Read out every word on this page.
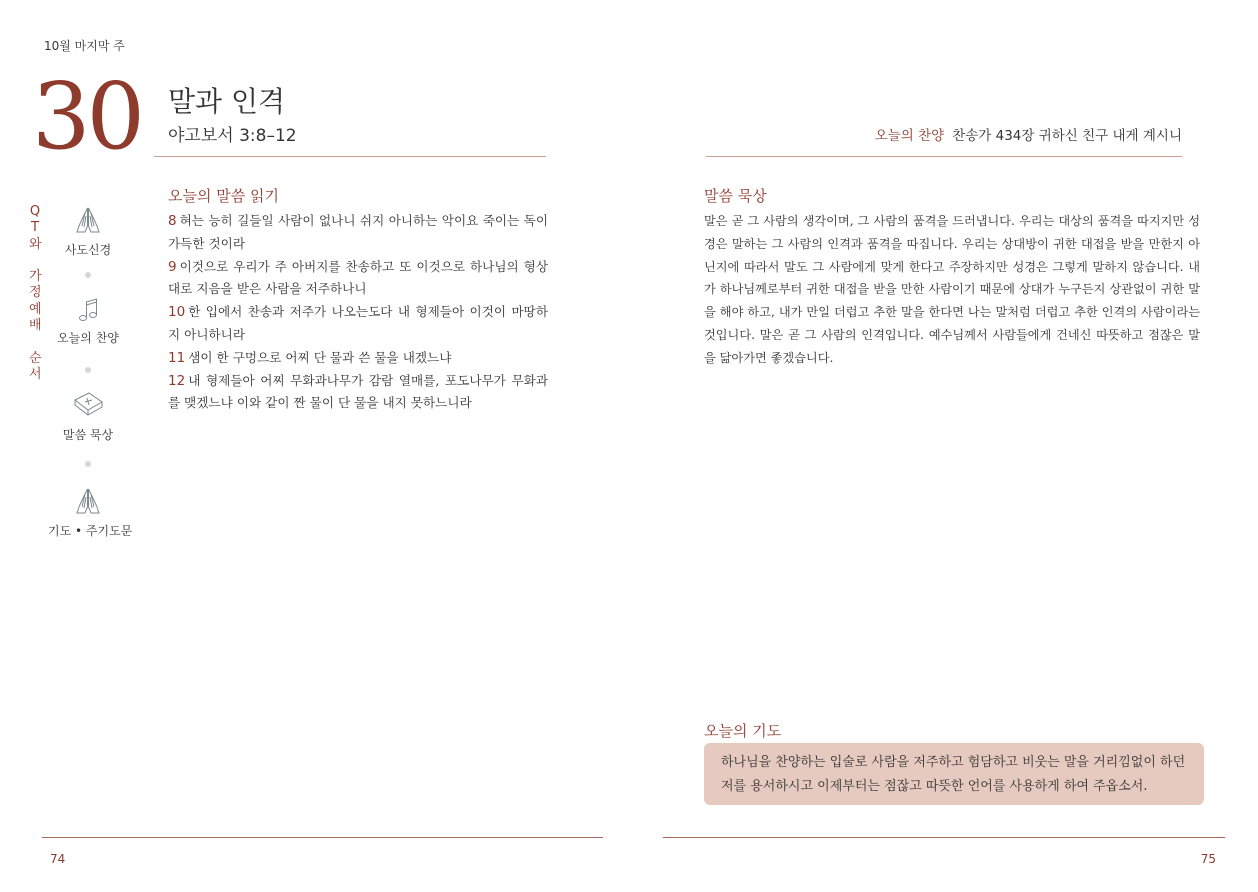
10월 마지막 주
30 말과 인격
야고보서 3:8–12
Q
T
와
가
정
예
배
순
서
사도신경
오늘의 찬양
말씀 묵상
기도 • 주기도문
오늘의 말씀 읽기
8 혀는 능히 길들일 사람이 없나니 쉬지 아니하는 악이요 죽이는 독이 가득한 것이라
9 이것으로 우리가 주 아버지를 찬송하고 또 이것으로 하나님의 형상대로 지음을 받은 사람을 저주하나니
10 한 입에서 찬송과 저주가 나오는도다 내 형제들아 이것이 마땅하지 아니하니라
11 샘이 한 구멍으로 어찌 단 물과 쓴 물을 내겠느냐
12 내 형제들아 어찌 무화과나무가 감람 열매를, 포도나무가 무화과를 맺겠느냐 이와 같이 짠 물이 단 물을 내지 못하느니라
74
오늘의 찬양 찬송가 434장 귀하신 친구 내게 계시니
말씀 묵상
말은 곧 그 사람의 생각이며, 그 사람의 품격을 드러냅니다. 우리는 대상의 품격을 따지지만 성경은 말하는 그 사람의 인격과 품격을 따집니다. 우리는 상대방이 귀한 대접을 받을 만한지 아닌지에 따라서 말도 그 사람에게 맞게 한다고 주장하지만 성경은 그렇게 말하지 않습니다. 내가 하나님께로부터 귀한 대접을 받을 만한 사람이기 때문에 상대가 누구든지 상관없이 귀한 말을 해야 하고, 내가 만일 더럽고 추한 말을 한다면 나는 말처럼 더럽고 추한 인격의 사람이라는 것입니다. 말은 곧 그 사람의 인격입니다. 예수님께서 사람들에게 건네신 따뜻하고 점잖은 말을 닮아가면 좋겠습니다.
오늘의 기도
하나님을 찬양하는 입술로 사람을 저주하고 험담하고 비웃는 말을 거리낌없이 하던 저를 용서하시고 이제부터는 점잖고 따뜻한 언어를 사용하게 하여 주옵소서.
75
